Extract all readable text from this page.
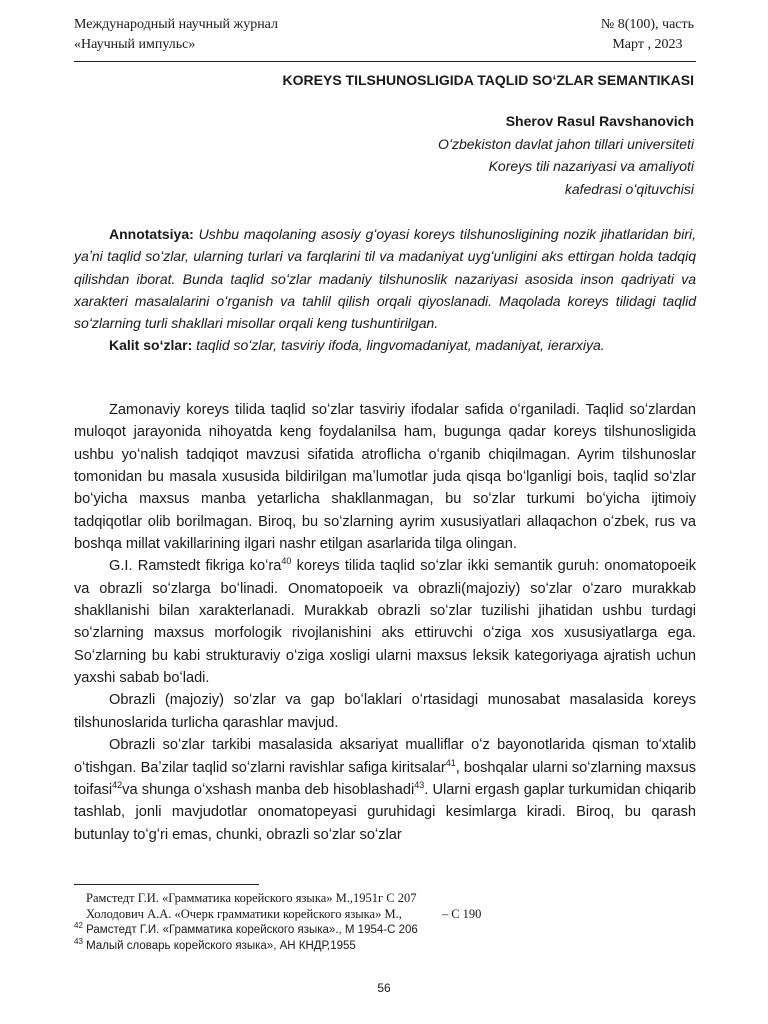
Международный научный журнал
«Научный импульс»
№ 8(100), часть
Март , 2023
KOREYS TILSHUNOSLIGIDA TAQLID SOʻZLAR SEMANTIKASI
Sherov Rasul Ravshanovich
Oʻzbekiston davlat jahon tillari universiteti
Koreys tili nazariyasi va amaliyoti
kafedrasi oʻqituvchisi

Annotatsiya: Ushbu maqolaning asosiy gʻoyasi koreys tilshunosligining nozik jihatlaridan biri, yaʼni taqlid soʻzlar, ularning turlari va farqlarini til va madaniyat uygʻunligini aks ettirgan holda tadqiq qilishdan iborat. Bunda taqlid soʻzlar madaniy tilshunoslik nazariyasi asosida inson qadriyati va xarakteri masalalarini oʻrganish va tahlil qilish orqali qiyoslanadi. Maqolada koreys tilidagi taqlid soʻzlarning turli shakllari misollar orqali keng tushuntirilgan.

Kalit soʻzlar: taqlid soʻzlar, tasviriy ifoda, lingvomadaniyat, madaniyat, ierarxiya.

Zamonaviy koreys tilida taqlid soʻzlar tasviriy ifodalar safida oʻrganiladi. Taqlid soʻzlardan muloqot jarayonida nihoyatda keng foydalanilsa ham, bugunga qadar koreys tilshunosligida ushbu yoʻnalish tadqiqot mavzusi sifatida atroflicha oʻrganib chiqilmagan. Ayrim tilshunoslar tomonidan bu masala xususida bildirilgan maʼlumotlar juda qisqa boʻlganligi bois, taqlid soʻzlar boʻyicha maxsus manba yetarlicha shakllanmagan, bu soʻzlar turkumi boʻyicha ijtimoiy tadqiqotlar olib borilmagan. Biroq, bu soʻzlarning ayrim xususiyatlari allaqachon oʻzbek, rus va boshqa millat vakillarining ilgari nashr etilgan asarlarida tilga olingan.

G.I. Ramstedt fikriga koʻra$^{40}$ koreys tilida taqlid soʻzlar ikki semantik guruh: onomatopoeik va obrazli soʻzlarga boʻlinadi. Onomatopoeik va obrazli(majoziy) soʻzlar oʻzaro murakkab shakllanishi bilan xarakterlanadi. Murakkab obrazli soʻzlar tuzilishi jihatidan ushbu turdagi soʻzlarning maxsus morfologik rivojlanishini aks ettiruvchi oʻziga xos xususiyatlarga ega. Soʻzlarning bu kabi strukturaviy oʻziga xosligi ularni maxsus leksik kategoriyaga ajratish uchun yaxshi sabab boʻladi.

Obrazli (majoziy) soʻzlar va gap boʻlaklari oʻrtasidagi munosabat masalasida koreys tilshunoslarida turlicha qarashlar mavjud.

Obrazli soʻzlar tarkibi masalasida aksariyat mualliflar oʻz bayonotlarida qisman toʻxtalib oʻtishgan. Baʼzilar taqlid soʻzlarni ravishlar safiga kiritsalar$^{41}$, boshqalar ularni soʻzlarning maxsus toifasi$^{42}$va shunga oʻxshash manba deb hisoblashadi$^{43}$. Ularni ergash gaplar turkumidan chiqarib tashlab, jonli mavjudotlar onomatopeyasi guruhidagi kesimlarga kiradi. Biroq, bu qarash butunlay toʻgʻri emas, chunki, obrazli soʻzlar soʻzlar

Рамстедт Г.И. «Грамматика корейского языка» М.,1951г С 207
Холодович А.А. «Очерк грамматики корейского языка» М.,	– С 190
$^{42}$ Рамстедт Г.И. «Грамматика корейского языка»., М 1954-С 206
$^{43}$ Малый словарь корейского языка», АН КНДР,1955
56
